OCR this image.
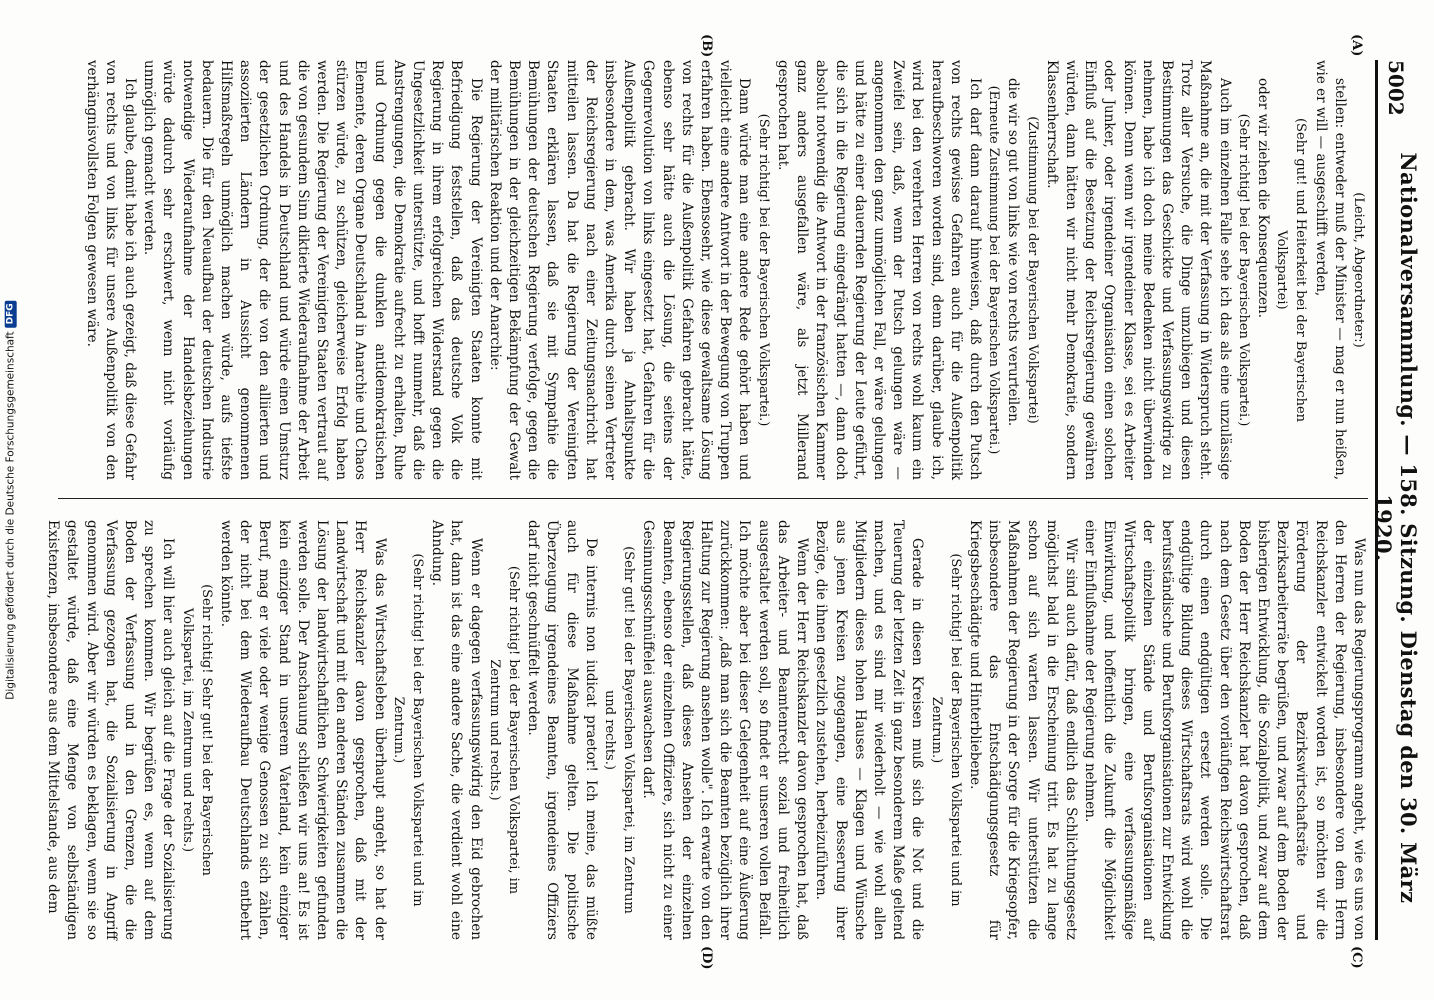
5002
Nationalversammlung. — 158. Sitzung. Dienstag den 30. März 1920.
(A)
(B)
(C)
(D)

(Leicht, Abgeordneter:)

stellen: entweder muß der Minister — mag er nun heißen, wie er will — ausgeschifft werden,

(Sehr gut! und Heiterkeit bei der Bayerischen Volkspartei)

oder wir ziehen die Konsequenzen.

(Sehr richtig! bei der Bayerischen Volkspartei.)

Auch im einzelnen Falle sehe ich das als eine unzulässige Maßnahme an, die mit der Verfassung in Widerspruch steht. Trotz aller Versuche, die Dinge umzubiegen und diesen Bestimmungen das Geschickte und Verfassungswidrige zu nehmen, habe ich doch meine Bedenken nicht überwinden können. Denn wenn wir irgendeiner Klasse, sei es Arbeiter oder Junker, oder irgendeiner Organisation einen solchen Einfluß auf die Besetzung der Reichsregierung gewähren würden, dann hätten wir nicht mehr Demokratie, sondern Klassenherrschaft.

(Zustimmung bei der Bayerischen Volkspartei)

die wir so gut von links wie von rechts verurteilen.

(Erneute Zustimmung bei der Bayerischen Volkspartei.)

Ich darf dann darauf hinweisen, daß durch den Putsch von rechts gewisse Gefahren auch für die Außenpolitik heraufbeschworen worden sind, denn darüber, glaube ich, wird bei den verehrten Herren von rechts wohl kaum ein Zweifel sein, daß, wenn der Putsch gelungen wäre — angenommen den ganz unmöglichen Fall, er wäre gelungen und hätte zu einer dauernden Regierung der Leute geführt, die sich in die Regierung eingedrängt hatten —, dann doch absolut notwendig die Antwort in der französischen Kammer ganz anders ausgefallen wäre, als jetzt Millerand gesprochen hat.

(Sehr richtig! bei der Bayerischen Volkspartei.)

Dann würde man eine andere Rede gehört haben und vielleicht eine andere Antwort in der Bewegung von Truppen erfahren haben. Ebensosehr, wie diese gewaltsame Lösung von rechts für die Außenpolitik Gefahren gebracht hätte, ebenso sehr hätte auch die Lösung, die seitens der Gegenrevolution von links eingesetzt hat, Gefahren für die Außenpolitik gebracht. Wir haben ja Anhaltspunkte insbesondere in dem, was Amerika durch seinen Vertreter der Reichsregierung nach einer Zeitungsnachricht hat mitteilen lassen. Da hat die Regierung der Vereinigten Staaten erklären lassen, daß sie mit Sympathie die Bemühungen der deutschen Regierung verfolge, gegen die Bemühungen in der gleichzeitigen Bekämpfung der Gewalt der militärischen Reaktion und der Anarchie:

Die Regierung der Vereinigten Staaten konnte mit Befriedigung feststellen, daß das deutsche Volk die Regierung in ihrem erfolgreichen Widerstand gegen die Ungesetzlichkeit unterstützte, und hofft nunmehr, daß die Anstrengungen, die Demokratie aufrecht zu erhalten, Ruhe und Ordnung gegen die dunklen antidemokratischen Elemente, deren Organe Deutschland in Anarchie und Chaos stürzen würde, zu schützen, gleicherweise Erfolg haben werden. Die Regierung der Vereinigten Staaten vertraut auf die von gesundem Sinn diktierte Wiederaufnahme der Arbeit und des Handels in Deutschland und würde einen Umsturz der gesetzlichen Ordnung, der die von den alliierten und assoziierten Ländern in Aussicht genommenen Hilfsmaßregeln unmöglich machen würde, aufs tiefste bedauern. Die für den Neuaufbau der deutschen Industrie notwendige Wiederaufnahme der Handelsbeziehungen würde dadurch sehr erschwert, wenn nicht vorläufig unmöglich gemacht werden.

Ich glaube, damit habe ich auch gezeigt, daß diese Gefahr von rechts und von links für unsere Außenpolitik von den verhängnisvollsten Folgen gewesen wäre.

Was nun das Regierungsprogramm angeht, wie es uns von den Herren der Regierung, insbesondere von dem Herrn Reichskanzler entwickelt worden ist, so möchten wir die Förderung der Bezirkswirtschaftsräte und Bezirksarbeiterräte begrüßen, und zwar auf dem Boden der bisherigen Entwicklung, die Sozialpolitik, und zwar auf dem Boden der Herr Reichskanzler hat davon gesprochen, daß nach dem Gesetz über den vorläufigen Reichswirtschaftsrat durch einen endgültigen ersetzt werden solle. Die endgültige Bildung dieses Wirtschaftsrats wird wohl die berufsständische und Berufsorganisationen zur Entwicklung der einzelnen Stände und Berufsorganisationen auf Wirtschaftspolitik bringen, eine verfassungsmäßige Einwirkung, und hoffentlich die Zukunft die Möglichkeit einer Einflußnahme der Regierung nehmen.

Wir sind auch dafür, daß endlich das Schlichtungsgesetz möglichst bald in die Erscheinung tritt. Es hat zu lange schon auf sich warten lassen. Wir unterstützen die Maßnahmen der Regierung in der Sorge für die Kriegsopfer, insbesondere das Entschädigungsgesetz für Kriegsbeschädigte und Hinterbliebene.

(Sehr richtig! bei der Bayerischen Volkspartei und im Zentrum.)

Gerade in diesen Kreisen muß sich die Not und die Teuerung der letzten Zeit in ganz besonderem Maße geltend machen, und es sind mir wiederholt — wie wohl allen Mitgliedern dieses hohen Hauses — Klagen und Wünsche aus jenen Kreisen zugegangen, eine Besserung ihrer Bezüge, die ihnen gesetzlich zustehen, herbeizuführen.

Wenn der Herr Reichskanzler davon gesprochen hat, daß das Arbeiter- und Beamtenrecht sozial und freiheitlich ausgestaltet werden soll, so findet er unseren vollen Beifall. Ich möchte aber bei dieser Gelegenheit auf eine Äußerung zurückkommen: „daß man sich die Beamten bezüglich ihrer Haltung zur Regierung ansehen wolle". Ich erwarte von den Regierungsstellen, daß dieses Ansehen der einzelnen Beamten, ebenso der einzelnen Offiziere, sich nicht zu einer Gesinnungsschnüffelei auswachsen darf.

(Sehr gut! bei der Bayerischen Volkspartei, im Zentrum und rechts.)

De internis non iudicat praetor! Ich meine, das müßte auch für diese Maßnahme gelten. Die politische Überzeugung irgendeines Beamten, irgendeines Offiziers darf nicht geschnüffelt werden.

(Sehr richtig! bei der Bayerischen Volkspartei, im Zentrum und rechts.)

Wenn er dagegen verfassungswidrig den Eid gebrochen hat, dann ist das eine andere Sache, die verdient wohl eine Ahndung.

(Sehr richtig! bei der Bayerischen Volkspartei und im Zentrum.)

Was das Wirtschaftsleben überhaupt angeht, so hat der Herr Reichskanzler davon gesprochen, daß mit der Landwirtschaft und mit den anderen Ständen zusammen die Lösung der landwirtschaftlichen Schwierigkeiten gefunden werden solle. Der Anschauung schließen wir uns an! Es ist kein einziger Stand in unserem Vaterland, kein einziger Beruf, mag er viele oder wenige Genossen zu sich zählen, der nicht bei dem Wiederaufbau Deutschlands entbehrt werden könnte.

(Sehr richtig! Sehr gut! bei der Bayerischen Volkspartei, im Zentrum und rechts.)

Ich will hier auch gleich auf die Frage der Sozialisierung zu sprechen kommen. Wir begrüßen es, wenn auf dem Boden der Verfassung und in den Grenzen, die die Verfassung gezogen hat, die Sozialisierung in Angriff genommen wird. Aber wir würden es beklagen, wenn sie so gestaltet würde, daß eine Menge von selbständigen Existenzen, insbesondere aus dem Mittelstande, aus dem

Digitalisierung gefördert durch die Deutsche Forschungsgemeinschaft
DFG
